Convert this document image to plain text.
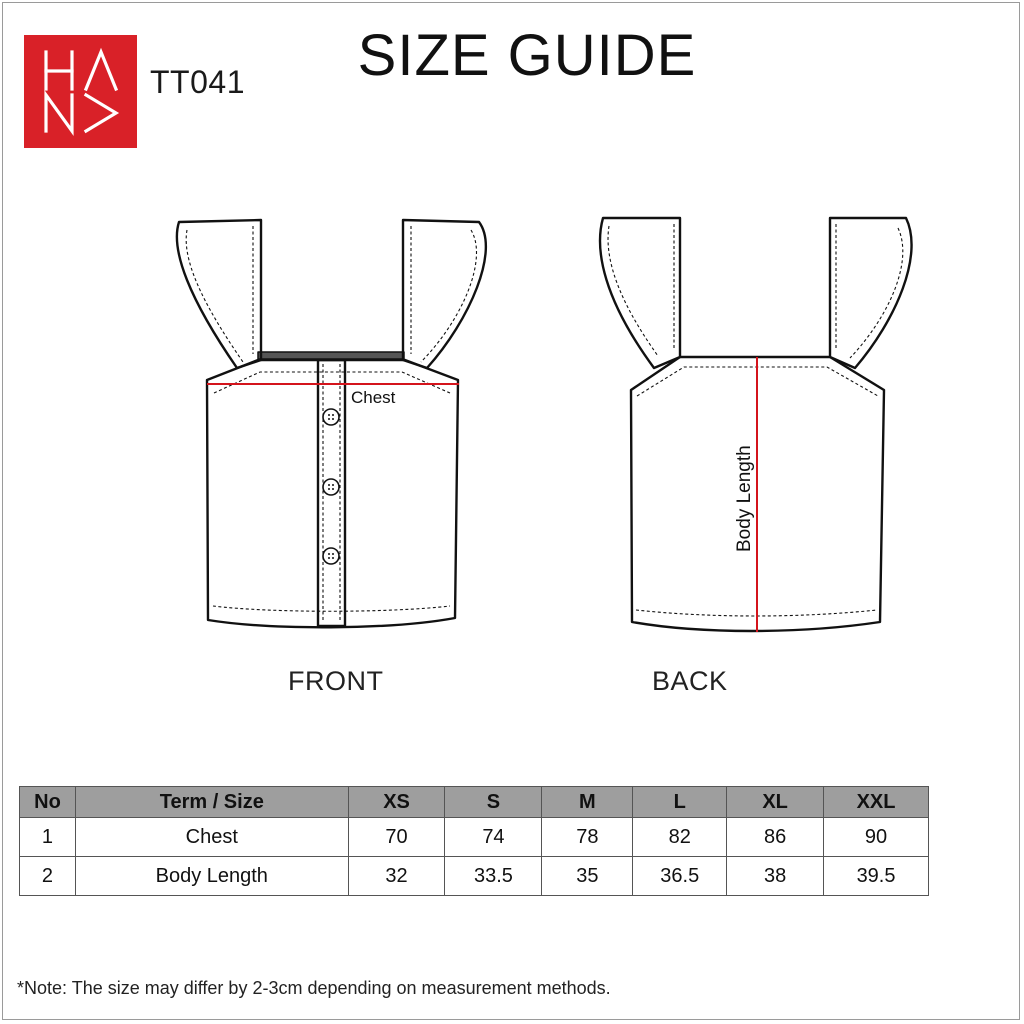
TT041	SIZE GUIDE
Chest
Body Length
FRONT	BACK
No	Term / Size	XS	S	M	L	XL	XXL
1	Chest	70	74	78	82	86	90
2	Body Length	32	33.5	35	36.5	38	39.5
*Note: The size may differ by 2-3cm depending on measurement methods.
